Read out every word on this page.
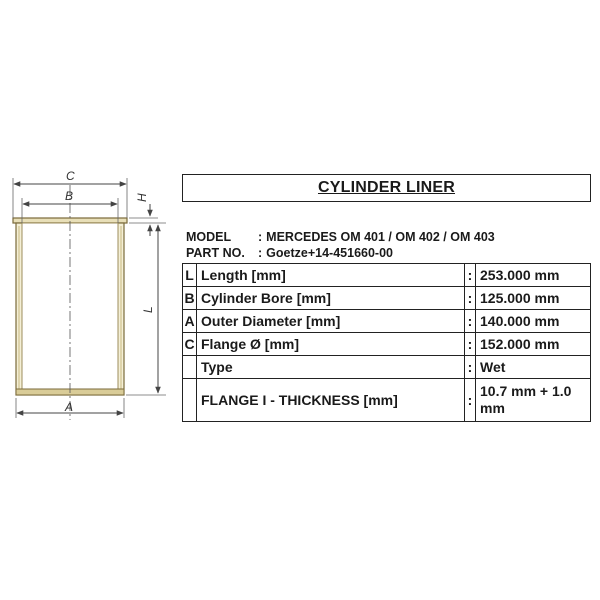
C
B	H
L
A
CYLINDER LINER
MODEL : MERCEDES OM 401 / OM 402 / OM 403
PART NO. : Goetze+14-451660-00
L	Length [mm]	:	253.000 mm
B	Cylinder Bore [mm]	:	125.000 mm
A	Outer Diameter [mm]	:	140.000 mm
C	Flange Ø [mm]	:	152.000 mm
	Type	:	Wet
	FLANGE I - THICKNESS [mm]	:	10.7 mm + 1.0 mm
